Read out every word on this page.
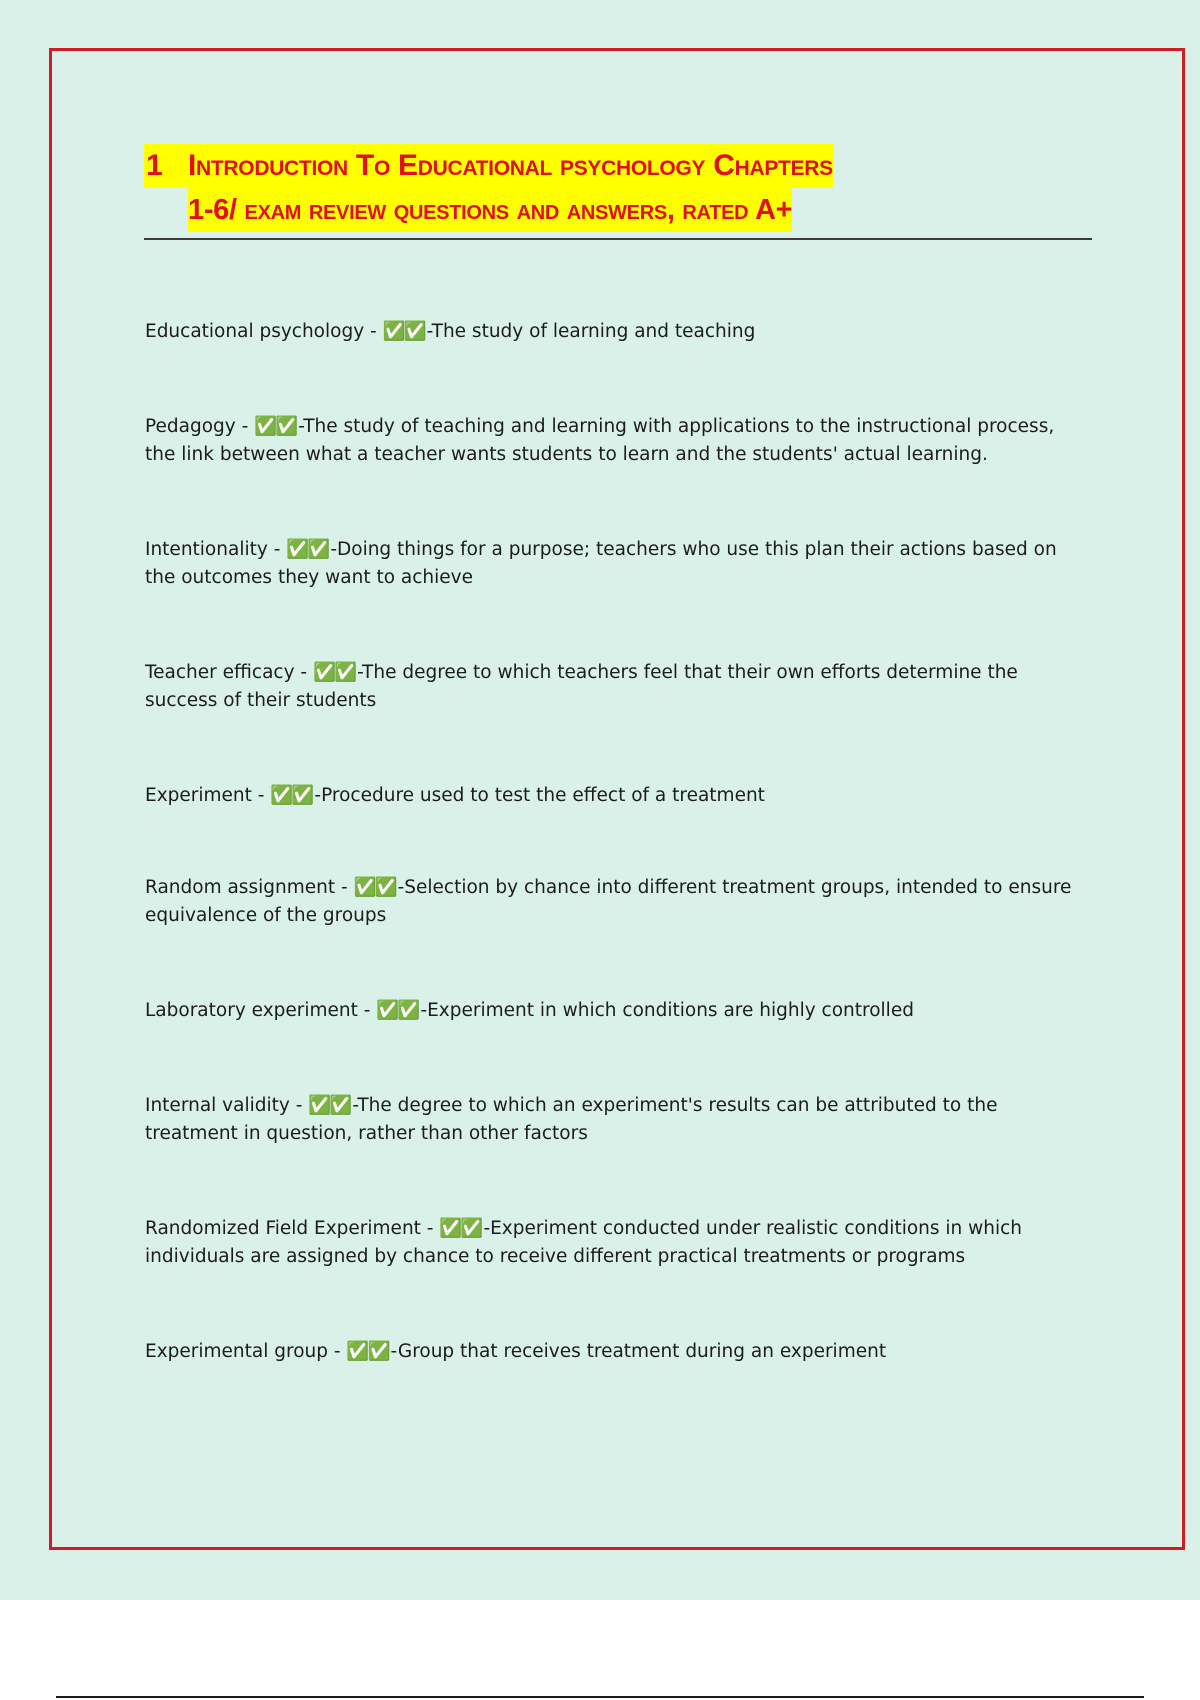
1 Introduction To Educational psychology Chapters
1-6/ exam review questions and answers, rated A+

Educational psychology - ✅✅ -The study of learning and teaching

Pedagogy - ✅✅ -The study of teaching and learning with applications to the instructional process, the link between what a teacher wants students to learn and the students' actual learning.

Intentionality - ✅✅ -Doing things for a purpose; teachers who use this plan their actions based on the outcomes they want to achieve

Teacher efficacy - ✅✅ -The degree to which teachers feel that their own efforts determine the success of their students

Experiment - ✅✅ -Procedure used to test the effect of a treatment

Random assignment - ✅✅ -Selection by chance into different treatment groups, intended to ensure equivalence of the groups

Laboratory experiment - ✅✅ -Experiment in which conditions are highly controlled

Internal validity - ✅✅ -The degree to which an experiment's results can be attributed to the treatment in question, rather than other factors

Randomized Field Experiment - ✅✅ -Experiment conducted under realistic conditions in which individuals are assigned by chance to receive different practical treatments or programs

Experimental group - ✅✅ -Group that receives treatment during an experiment
